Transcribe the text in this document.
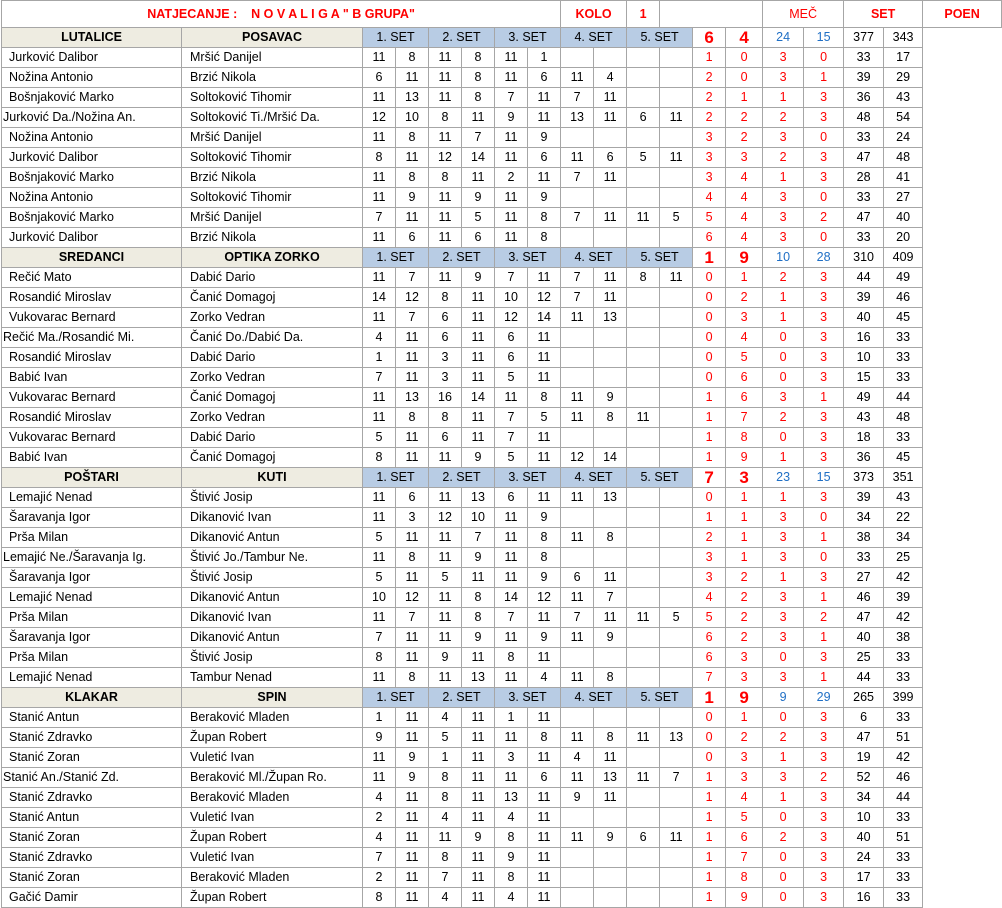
NATJECANJE : N O V A L I G A " B GRUPA"								KOLO		1				MEČ		SET		POEN
LUTALICE	POSAVAC	1. SET		2. SET		3. SET		4. SET		5. SET		6	4	24	15	377	343	
Jurković Dalibor	Mršić Danijel	11	8	11	8	11	1					1	0	3	0	33	17	
Nožina Antonio	Brzić Nikola	6	11	11	8	11	6	11	4			2	0	3	1	39	29	
Bošnjaković Marko	Soltoković Tihomir	11	13	11	8	7	11	7	11			2	1	1	3	36	43	
Jurković Da./Nožina An.	Soltoković Ti./Mršić Da.	12	10	8	11	9	11	13	11	6	11	2	2	2	3	48	54	
Nožina Antonio	Mršić Danijel	11	8	11	7	11	9					3	2	3	0	33	24	
Jurković Dalibor	Soltoković Tihomir	8	11	12	14	11	6	11	6	5	11	3	3	2	3	47	48	
Bošnjaković Marko	Brzić Nikola	11	8	8	11	2	11	7	11			3	4	1	3	28	41	
Nožina Antonio	Soltoković Tihomir	11	9	11	9	11	9					4	4	3	0	33	27	
Bošnjaković Marko	Mršić Danijel	7	11	11	5	11	8	7	11	11	5	5	4	3	2	47	40	
Jurković Dalibor	Brzić Nikola	11	6	11	6	11	8					6	4	3	0	33	20	
SREDANCI	OPTIKA ZORKO	1. SET		2. SET		3. SET		4. SET		5. SET		1	9	10	28	310	409	
Rečić Mato	Dabić Dario	11	7	11	9	7	11	7	11	8	11	0	1	2	3	44	49	
Rosandić Miroslav	Čanić Domagoj	14	12	8	11	10	12	7	11			0	2	1	3	39	46	
Vukovarac Bernard	Zorko Vedran	11	7	6	11	12	14	11	13			0	3	1	3	40	45	
Rečić Ma./Rosandić Mi.	Čanić Do./Dabić Da.	4	11	6	11	6	11					0	4	0	3	16	33	
Rosandić Miroslav	Dabić Dario	1	11	3	11	6	11					0	5	0	3	10	33	
Babić Ivan	Zorko Vedran	7	11	3	11	5	11					0	6	0	3	15	33	
Vukovarac Bernard	Čanić Domagoj	11	13	16	14	11	8	11	9			1	6	3	1	49	44	
Rosandić Miroslav	Zorko Vedran	11	8	8	11	7	5	11	8	11		1	7	2	3	43	48	
Vukovarac Bernard	Dabić Dario	5	11	6	11	7	11					1	8	0	3	18	33	
Babić Ivan	Čanić Domagoj	8	11	11	9	5	11	12	14			1	9	1	3	36	45	
POŠTARI	KUTI	1. SET		2. SET		3. SET		4. SET		5. SET		7	3	23	15	373	351	
Lemajić Nenad	Štivić Josip	11	6	11	13	6	11	11	13			0	1	1	3	39	43	
Šaravanja Igor	Dikanović Ivan	11	3	12	10	11	9					1	1	3	0	34	22	
Prša Milan	Dikanović Antun	5	11	11	7	11	8	11	8			2	1	3	1	38	34	
Lemajić Ne./Šaravanja Ig.	Štivić Jo./Tambur Ne.	11	8	11	9	11	8					3	1	3	0	33	25	
Šaravanja Igor	Štivić Josip	5	11	5	11	11	9	6	11			3	2	1	3	27	42	
Lemajić Nenad	Dikanović Antun	10	12	11	8	14	12	11	7			4	2	3	1	46	39	
Prša Milan	Dikanović Ivan	11	7	11	8	7	11	7	11	11	5	5	2	3	2	47	42	
Šaravanja Igor	Dikanović Antun	7	11	11	9	11	9	11	9			6	2	3	1	40	38	
Prša Milan	Štivić Josip	8	11	9	11	8	11					6	3	0	3	25	33	
Lemajić Nenad	Tambur Nenad	11	8	11	13	11	4	11	8			7	3	3	1	44	33	
KLAKAR	SPIN	1. SET		2. SET		3. SET		4. SET		5. SET		1	9	9	29	265	399	
Stanić Antun	Beraković Mladen	1	11	4	11	1	11					0	1	0	3	6	33	
Stanić Zdravko	Župan Robert	9	11	5	11	11	8	11	8	11	13	0	2	2	3	47	51	
Stanić Zoran	Vuletić Ivan	11	9	1	11	3	11	4	11			0	3	1	3	19	42	
Stanić An./Stanić Zd.	Beraković Ml./Župan Ro.	11	9	8	11	11	6	11	13	11	7	1	3	3	2	52	46	
Stanić Zdravko	Beraković Mladen	4	11	8	11	13	11	9	11			1	4	1	3	34	44	
Stanić Antun	Vuletić Ivan	2	11	4	11	4	11					1	5	0	3	10	33	
Stanić Zoran	Župan Robert	4	11	11	9	8	11	11	9	6	11	1	6	2	3	40	51	
Stanić Zdravko	Vuletić Ivan	7	11	8	11	9	11					1	7	0	3	24	33	
Stanić Zoran	Beraković Mladen	2	11	7	11	8	11					1	8	0	3	17	33	
Gačić Damir	Župan Robert	8	11	4	11	4	11					1	9	0	3	16	33	
